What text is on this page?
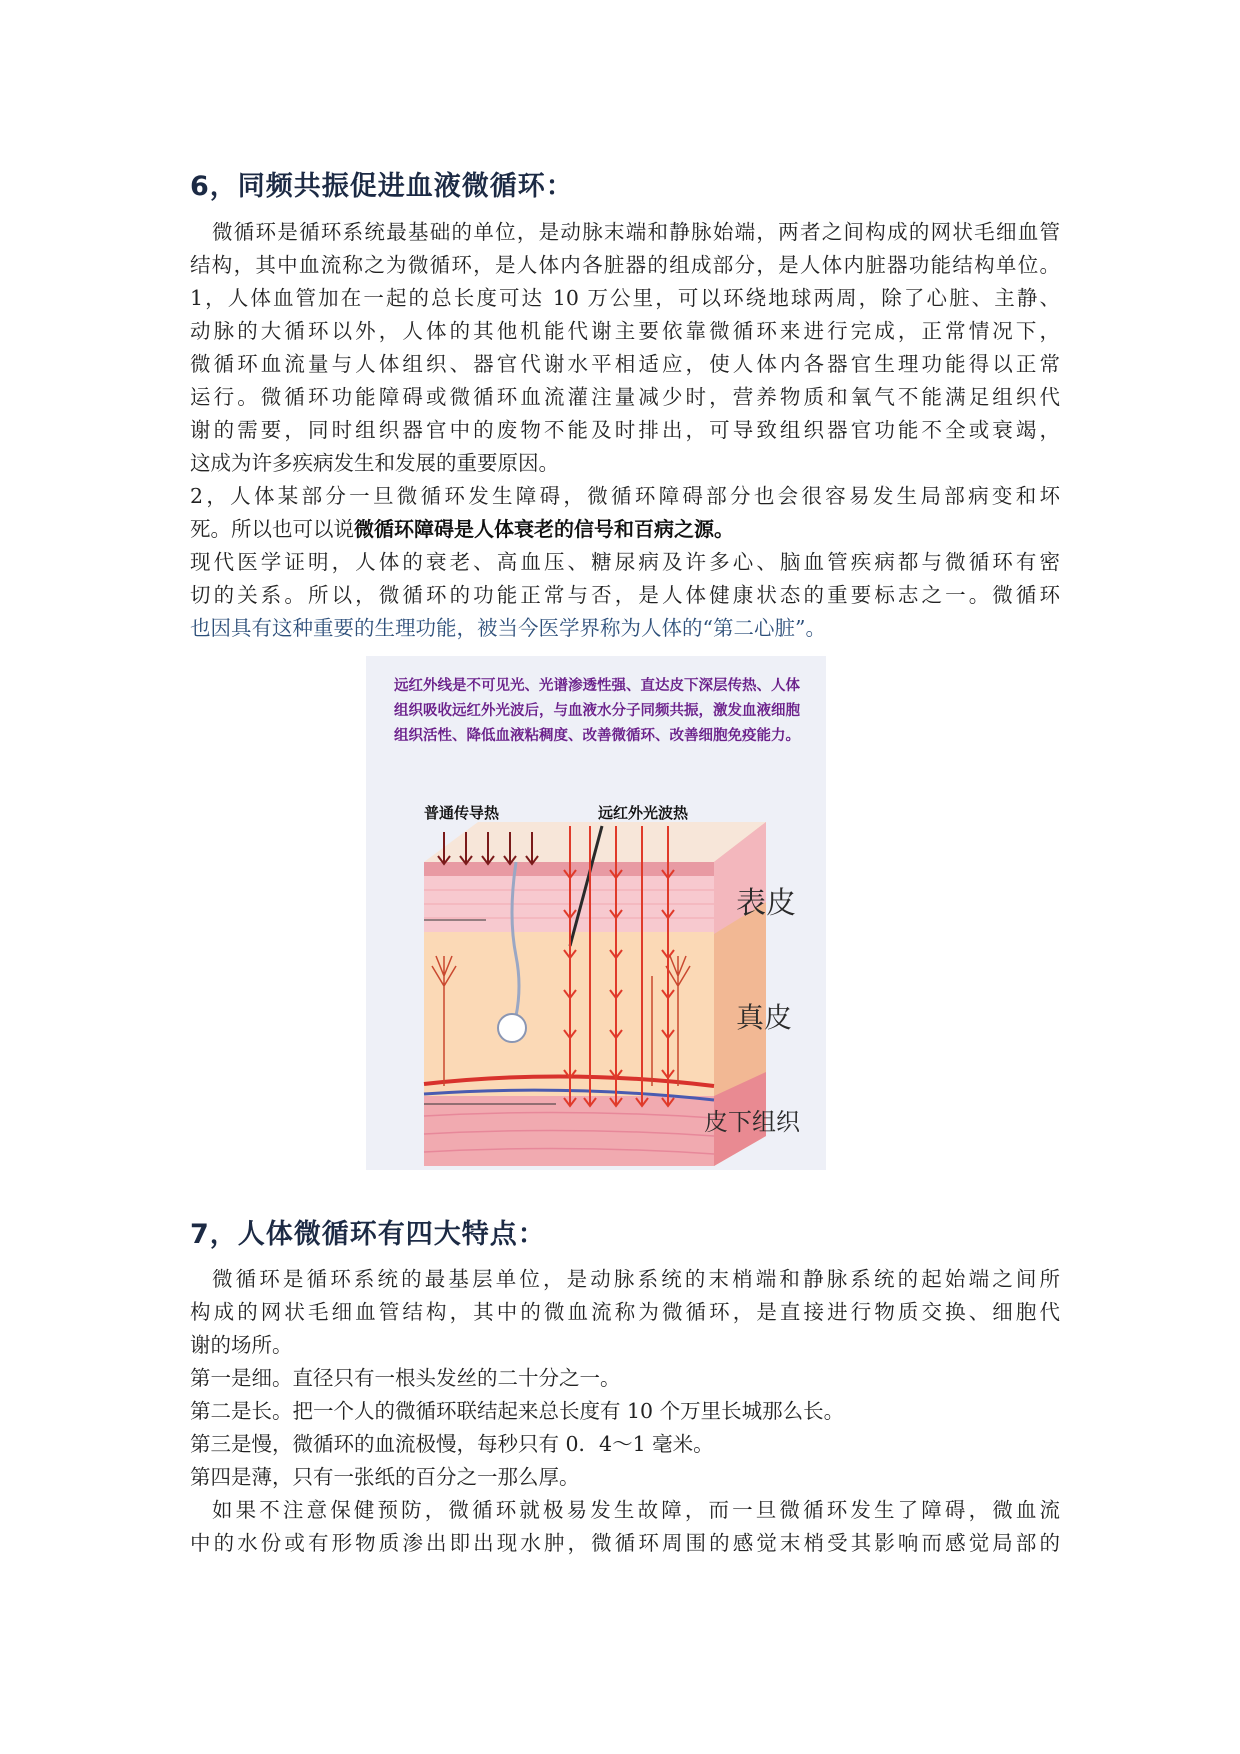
6，同频共振促进血液微循环：

微循环是循环系统最基础的单位，是动脉末端和静脉始端，两者之间构成的网状毛细血管

结构，其中血流称之为微循环，是人体内各脏器的组成部分，是人体内脏器功能结构单位。

1，人体血管加在一起的总长度可达 10 万公里，可以环绕地球两周，除了心脏、主静、

动脉的大循环以外，人体的其他机能代谢主要依靠微循环来进行完成，正常情况下，

微循环血流量与人体组织、器官代谢水平相适应，使人体内各器官生理功能得以正常

运行。微循环功能障碍或微循环血流灌注量减少时，营养物质和氧气不能满足组织代

谢的需要，同时组织器官中的废物不能及时排出，可导致组织器官功能不全或衰竭，

这成为许多疾病发生和发展的重要原因。

2，人体某部分一旦微循环发生障碍，微循环障碍部分也会很容易发生局部病变和坏

死。所以也可以说微循环障碍是人体衰老的信号和百病之源。

现代医学证明，人体的衰老、高血压、糖尿病及许多心、脑血管疾病都与微循环有密

切的关系。所以，微循环的功能正常与否，是人体健康状态的重要标志之一。微循环

也因具有这种重要的生理功能，被当今医学界称为人体的“第二心脏”。

远红外线是不可见光、光谱渗透性强、直达皮下深层传热、人体组织吸收远红外光波后，与血液水分子同频共振，激发血液细胞组织活性、降低血液粘稠度、改善微循环、改善细胞免疫能力。

普通传导热	远红外光波热

表皮

真皮

皮下组织

7，人体微循环有四大特点：

微循环是循环系统的最基层单位，是动脉系统的末梢端和静脉系统的起始端之间所

构成的网状毛细血管结构，其中的微血流称为微循环，是直接进行物质交换、细胞代

谢的场所。

第一是细。直径只有一根头发丝的二十分之一。

第二是长。把一个人的微循环联结起来总长度有 10 个万里长城那么长。

第三是慢，微循环的血流极慢，每秒只有 0．4～1 毫米。

第四是薄，只有一张纸的百分之一那么厚。

如果不注意保健预防，微循环就极易发生故障，而一旦微循环发生了障碍，微血流

中的水份或有形物质渗出即出现水肿，微循环周围的感觉末梢受其影响而感觉局部的
